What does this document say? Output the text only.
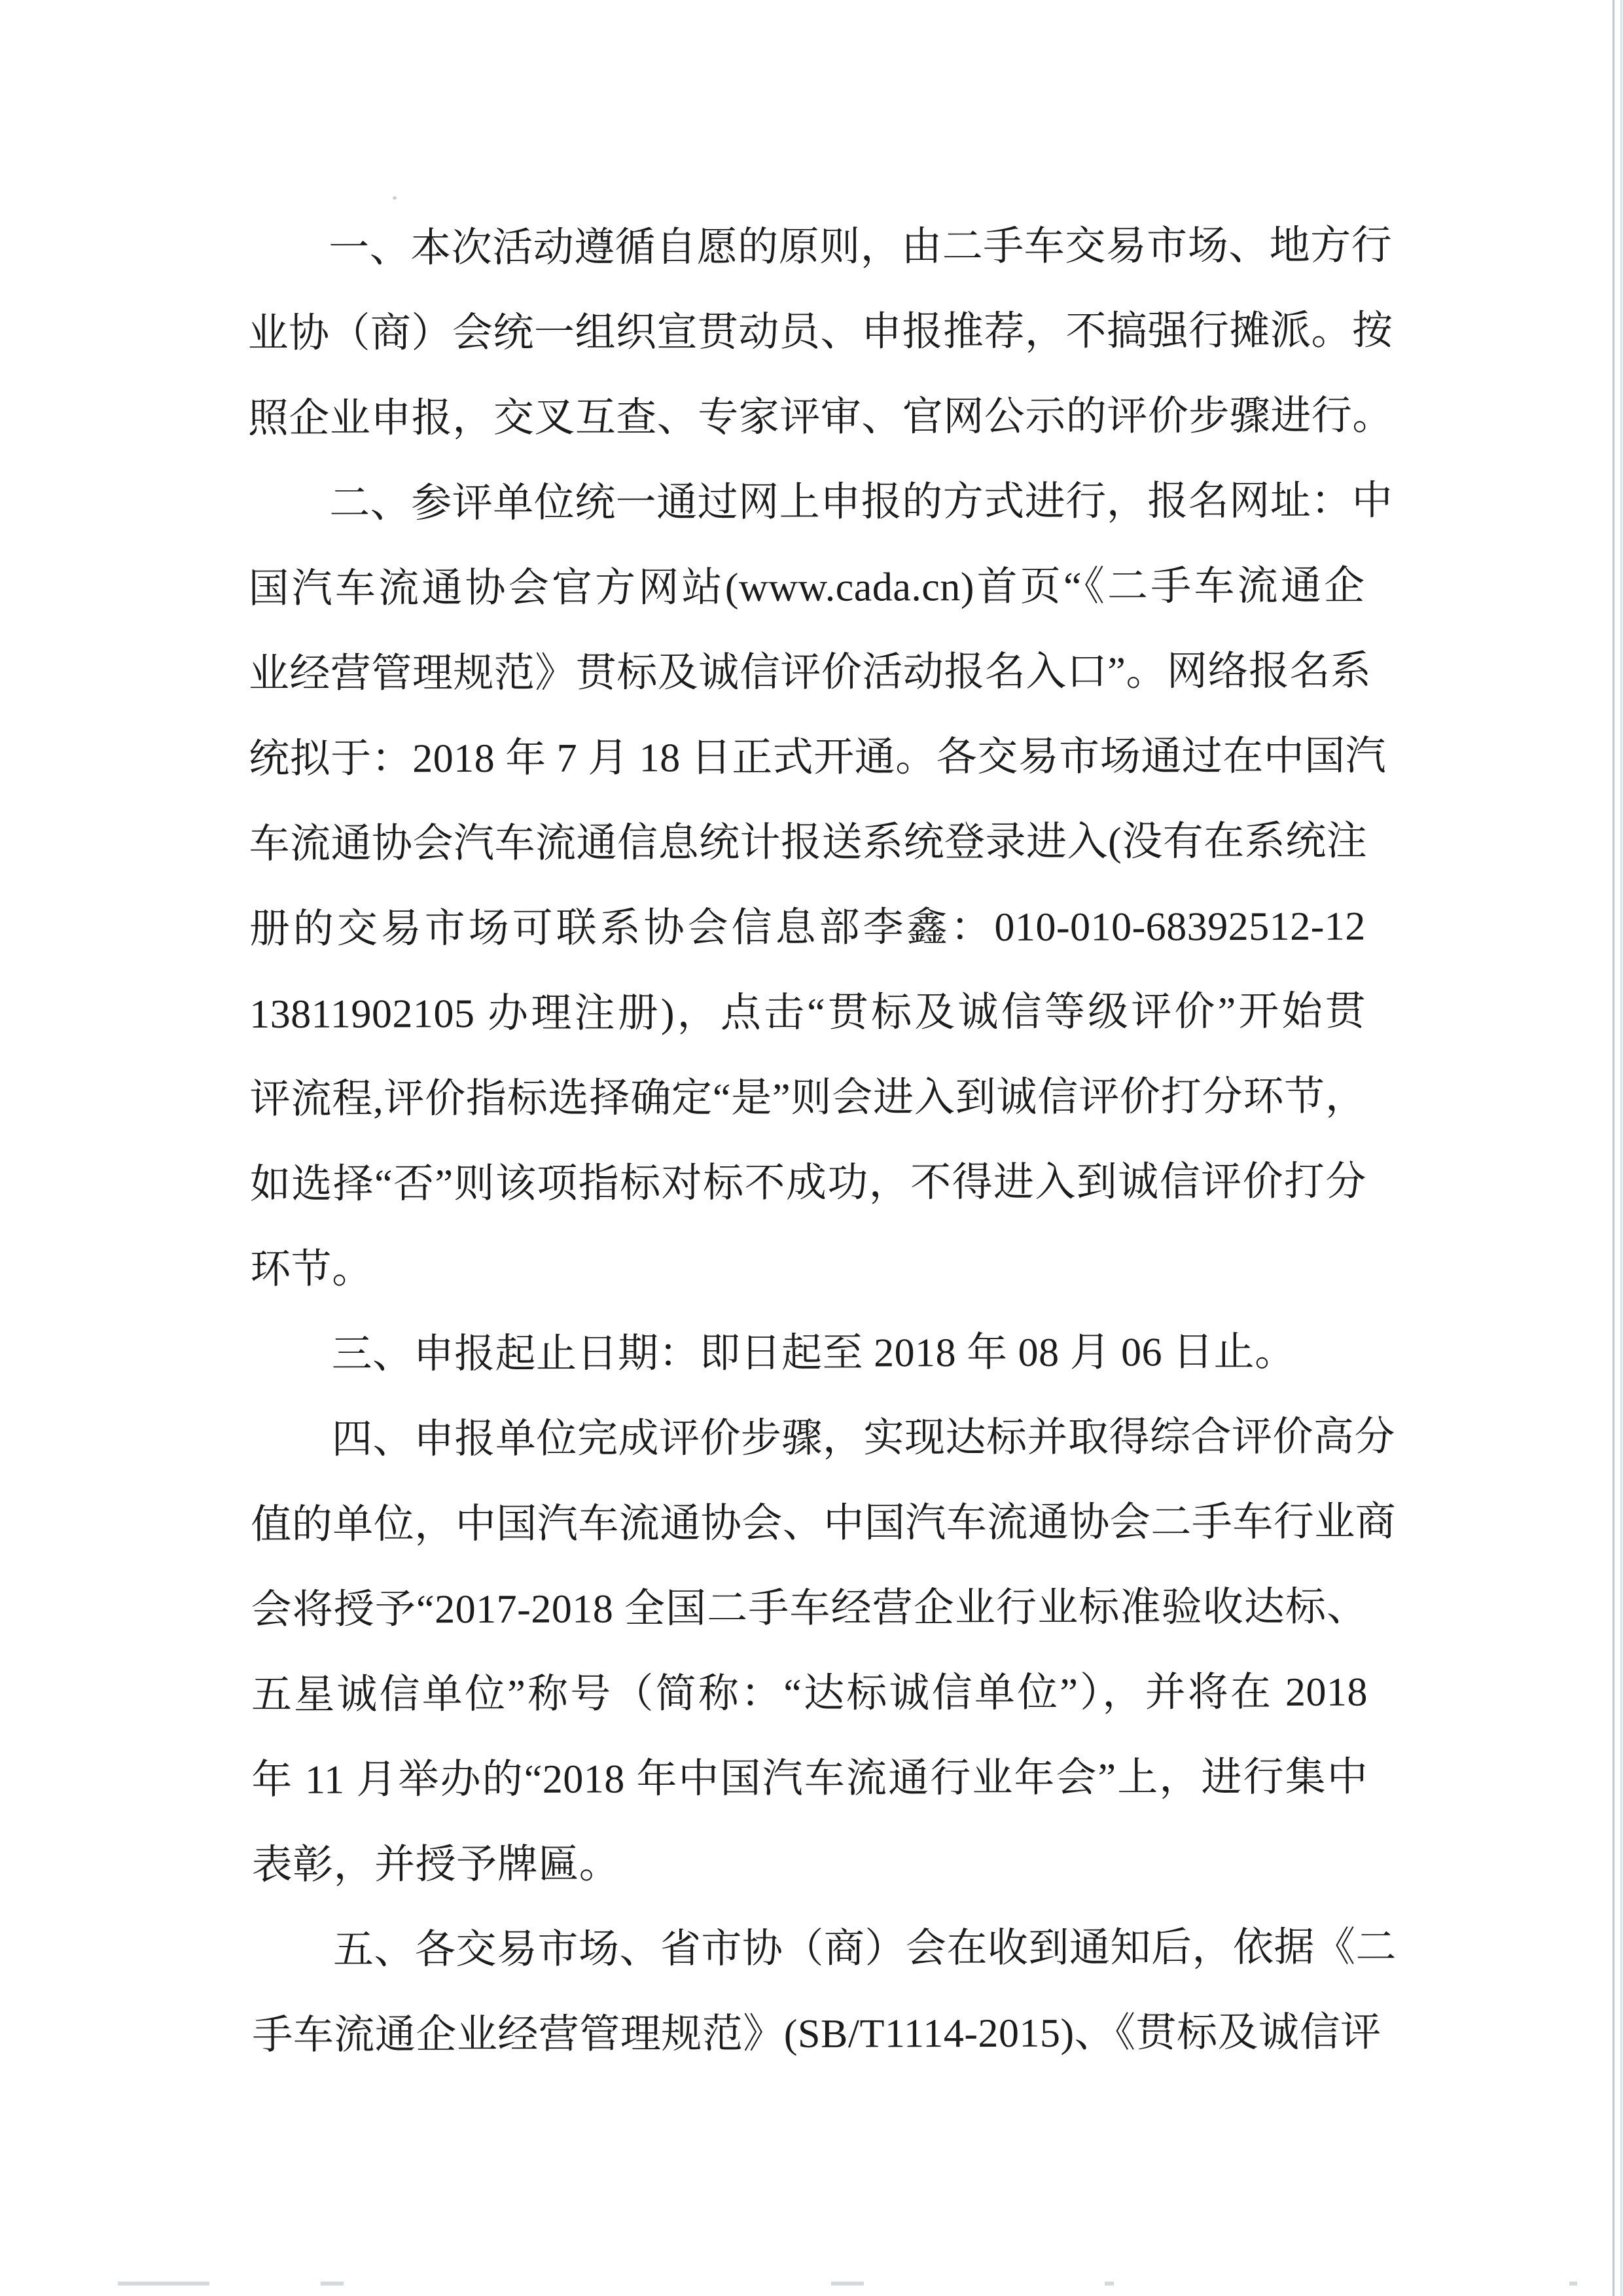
一、本次活动遵循自愿的原则，由二手车交易市场、地方行
业协（商）会统一组织宣贯动员、申报推荐，不搞强行摊派。按
照企业申报，交叉互查、专家评审、官网公示的评价步骤进行。
二、参评单位统一通过网上申报的方式进行，报名网址：中
国汽车流通协会官方网站(www.cada.cn)首页“《二手车流通企
业经营管理规范》贯标及诚信评价活动报名入口”。网络报名系
统拟于：2018 年 7 月 18 日正式开通。各交易市场通过在中国汽
车流通协会汽车流通信息统计报送系统登录进入(没有在系统注
册的交易市场可联系协会信息部李鑫：010-010-68392512-12
13811902105 办理注册)，点击“贯标及诚信等级评价”开始贯
评流程,评价指标选择确定“是”则会进入到诚信评价打分环节，
如选择“否”则该项指标对标不成功，不得进入到诚信评价打分
环节。
三、申报起止日期：即日起至 2018 年 08 月 06 日止。
四、申报单位完成评价步骤，实现达标并取得综合评价高分
值的单位，中国汽车流通协会、中国汽车流通协会二手车行业商
会将授予“2017-2018 全国二手车经营企业行业标准验收达标、
五星诚信单位”称号（简称：“达标诚信单位”），并将在 2018
年 11 月举办的“2018 年中国汽车流通行业年会”上，进行集中
表彰，并授予牌匾。
五、各交易市场、省市协（商）会在收到通知后，依据《二
手车流通企业经营管理规范》(SB/T1114-2015)、《贯标及诚信评
